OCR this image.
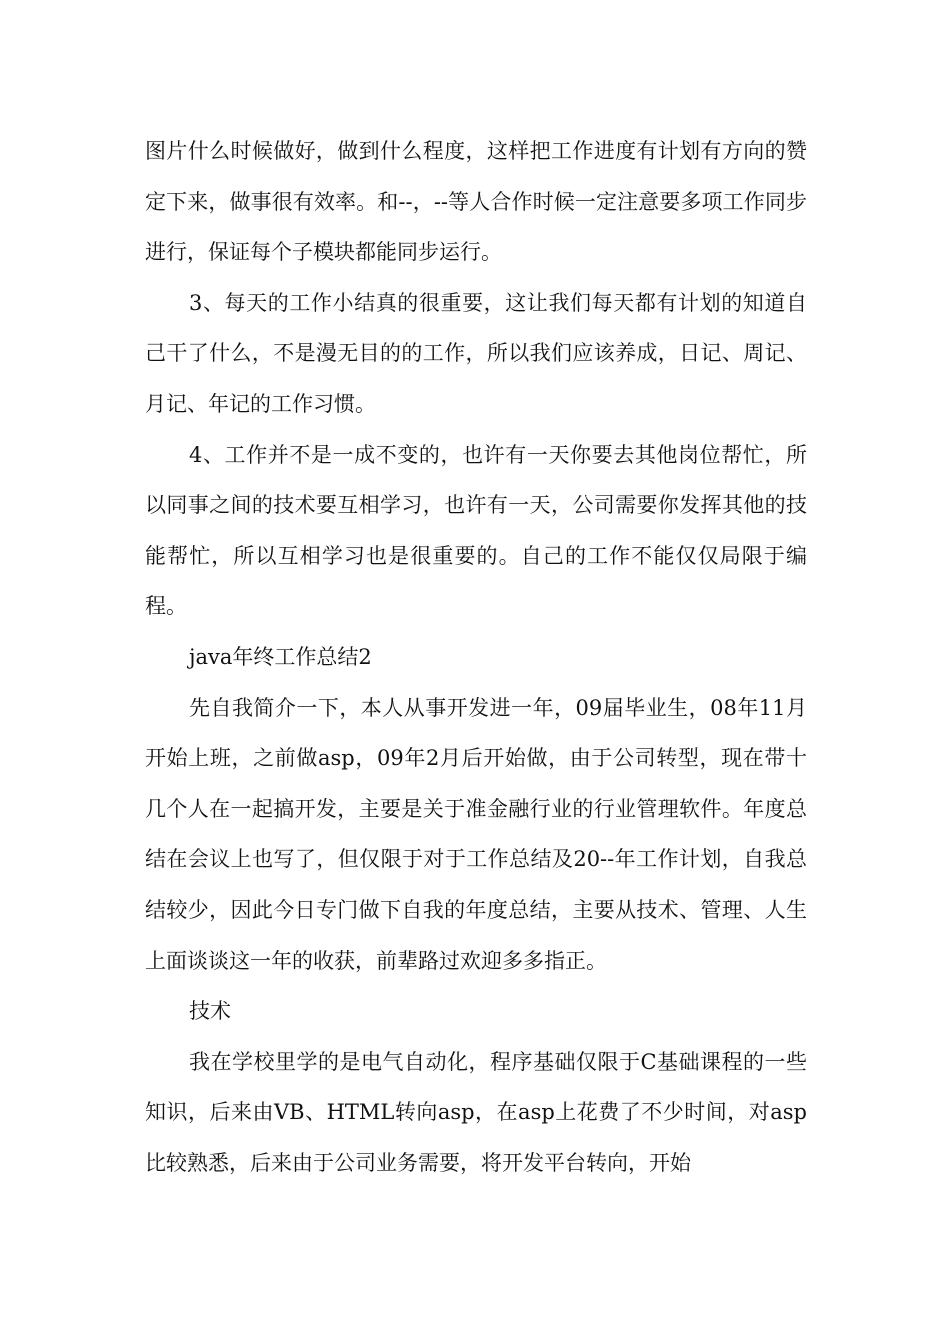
图片什么时候做好，做到什么程度，这样把工作进度有计划有方向的赞定下来，做事很有效率。和--，--等人合作时候一定注意要多项工作同步进行，保证每个子模块都能同步运行。

3、每天的工作小结真的很重要，这让我们每天都有计划的知道自己干了什么，不是漫无目的的工作，所以我们应该养成，日记、周记、月记、年记的工作习惯。

4、工作并不是一成不变的，也许有一天你要去其他岗位帮忙，所以同事之间的技术要互相学习，也许有一天，公司需要你发挥其他的技能帮忙，所以互相学习也是很重要的。自己的工作不能仅仅局限于编程。

java年终工作总结2

先自我简介一下，本人从事开发进一年，09届毕业生，08年11月开始上班，之前做asp，09年2月后开始做，由于公司转型，现在带十几个人在一起搞开发，主要是关于准金融行业的行业管理软件。年度总结在会议上也写了，但仅限于对于工作总结及20--年工作计划，自我总结较少，因此今日专门做下自我的年度总结，主要从技术、管理、人生上面谈谈这一年的收获，前辈路过欢迎多多指正。

技术

我在学校里学的是电气自动化，程序基础仅限于C基础课程的一些知识，后来由VB、HTML转向asp，在asp上花费了不少时间，对asp比较熟悉，后来由于公司业务需要，将开发平台转向，开始
